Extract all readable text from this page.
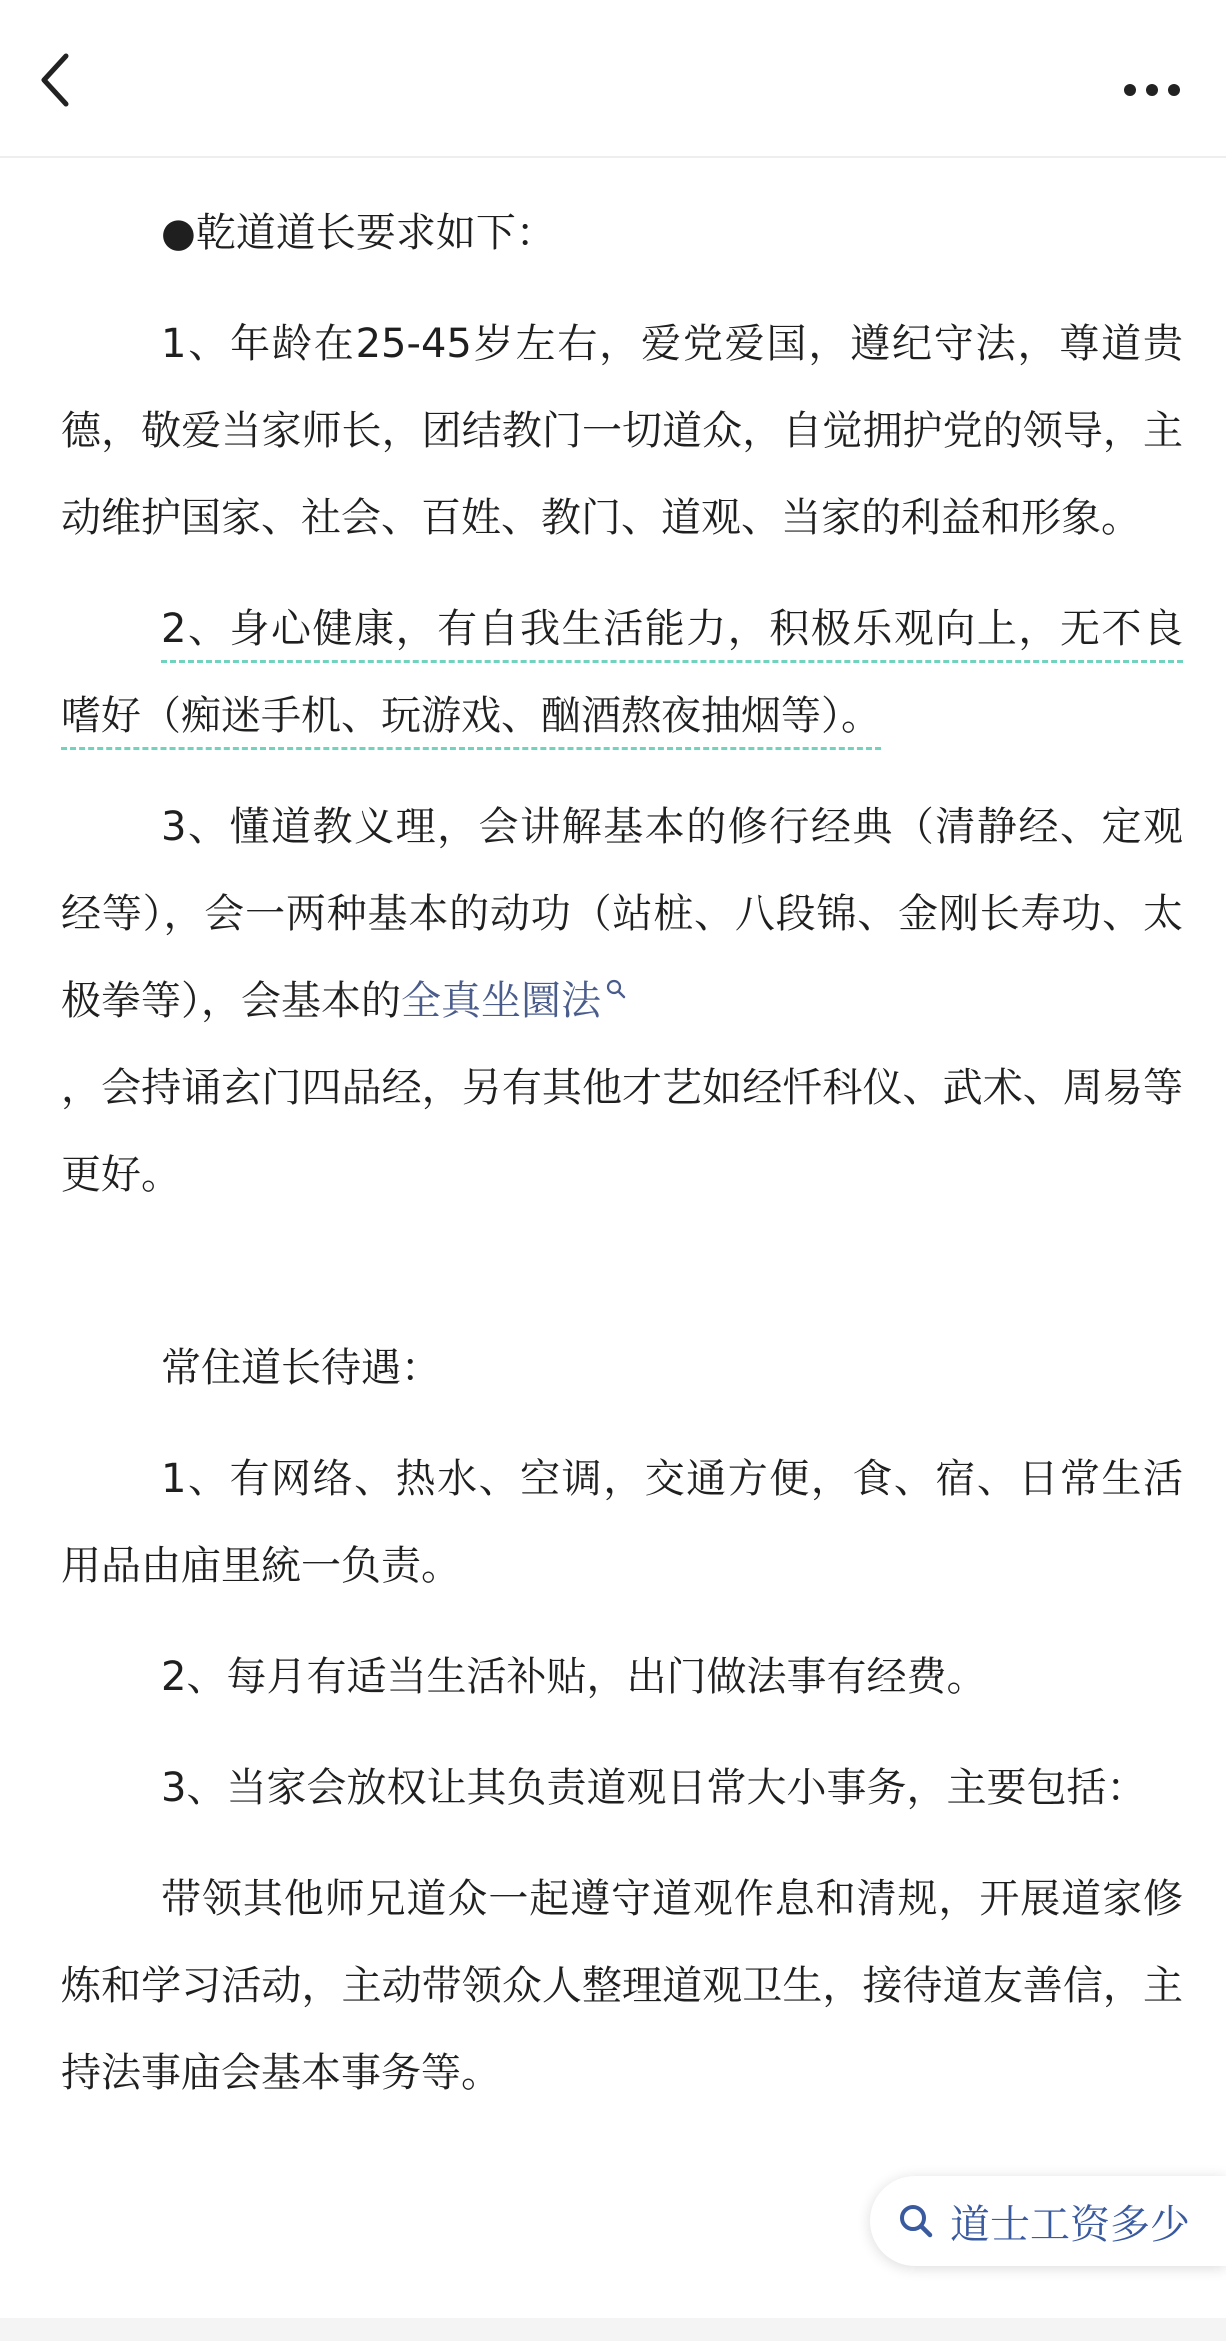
●乾道道长要求如下：

1、年龄在25-45岁左右，爱党爱国，遵纪守法，尊道贵德，敬爱当家师长，团结教门一切道众，自觉拥护党的领导，主动维护国家、社会、百姓、教门、道观、当家的利益和形象。

2、身心健康，有自我生活能力，积极乐观向上，无不良嗜好（痴迷手机、玩游戏、酗酒熬夜抽烟等）。

3、懂道教义理，会讲解基本的修行经典（清静经、定观经等），会一两种基本的动功（站桩、八段锦、金刚长寿功、太极拳等），会基本的全真坐圜法
，会持诵玄门四品经，另有其他才艺如经忏科仪、武术、周易等更好。

常住道长待遇：

1、有网络、热水、空调，交通方便，食、宿、日常生活用品由庙里統一负责。

2、每月有适当生活补贴，出门做法事有经费。

3、当家会放权让其负责道观日常大小事务，主要包括：

带领其他师兄道众一起遵守道观作息和清规，开展道家修炼和学习活动，主动带领众人整理道观卫生，接待道友善信，主持法事庙会基本事务等。

道士工资多少
